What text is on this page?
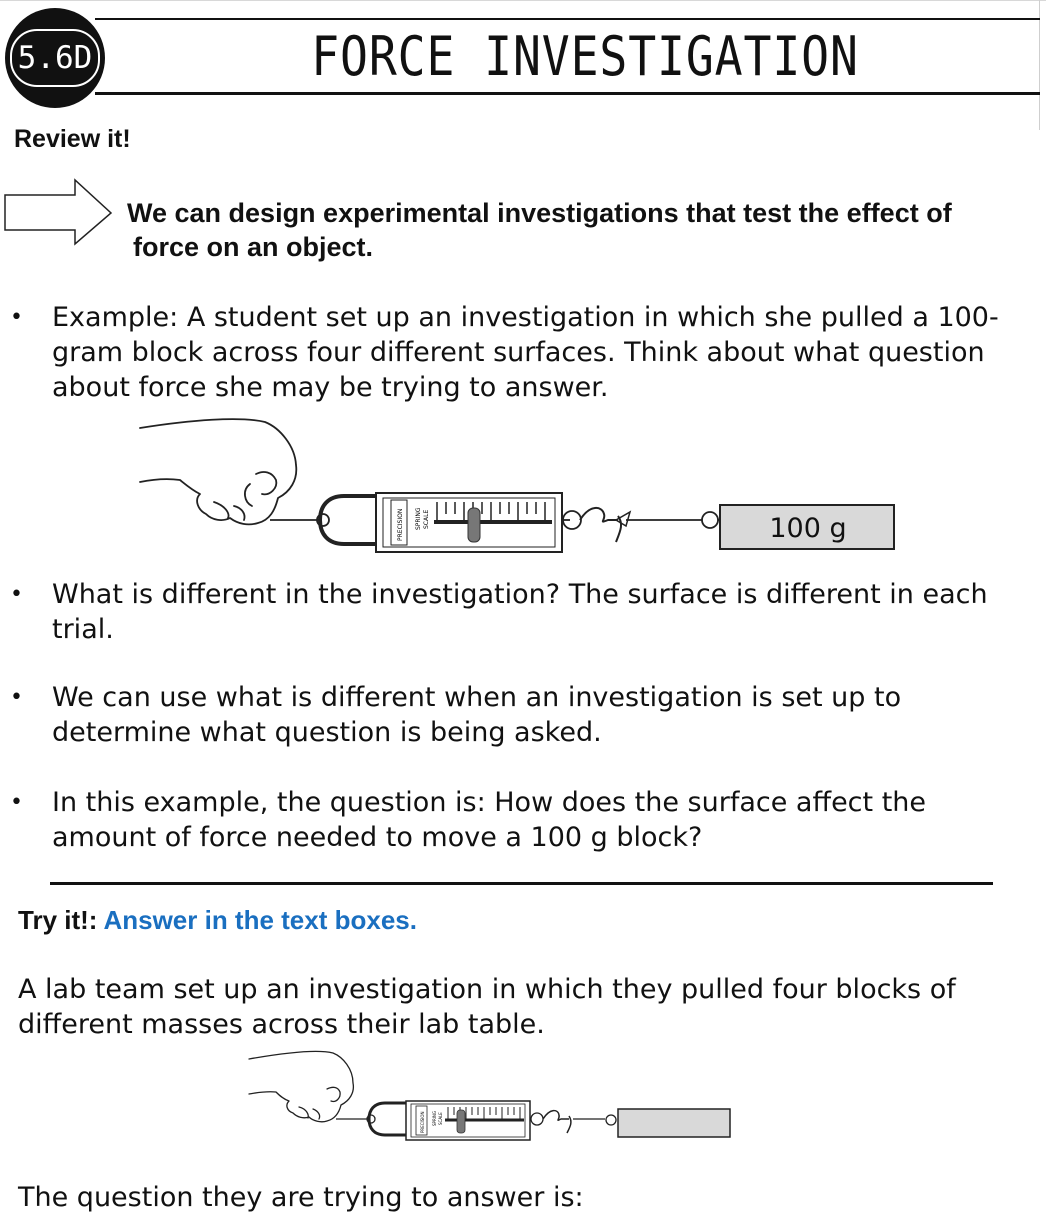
5.6D	FORCE INVESTIGATION
Review it!
We can design experimental investigations that test the effect of
force on an object.
• Example: A student set up an investigation in which she pulled a 100-gram block across four different surfaces. Think about what question about force she may be trying to answer.
PRECISION SPRING SCALE	100 g
• What is different in the investigation? The surface is different in each trial.
• We can use what is different when an investigation is set up to determine what question is being asked.
• In this example, the question is: How does the surface affect the amount of force needed to move a 100 g block?
Try it!: Answer in the text boxes.
A lab team set up an investigation in which they pulled four blocks of different masses across their lab table.
PRECISION SPRING SCALE
The question they are trying to answer is:
